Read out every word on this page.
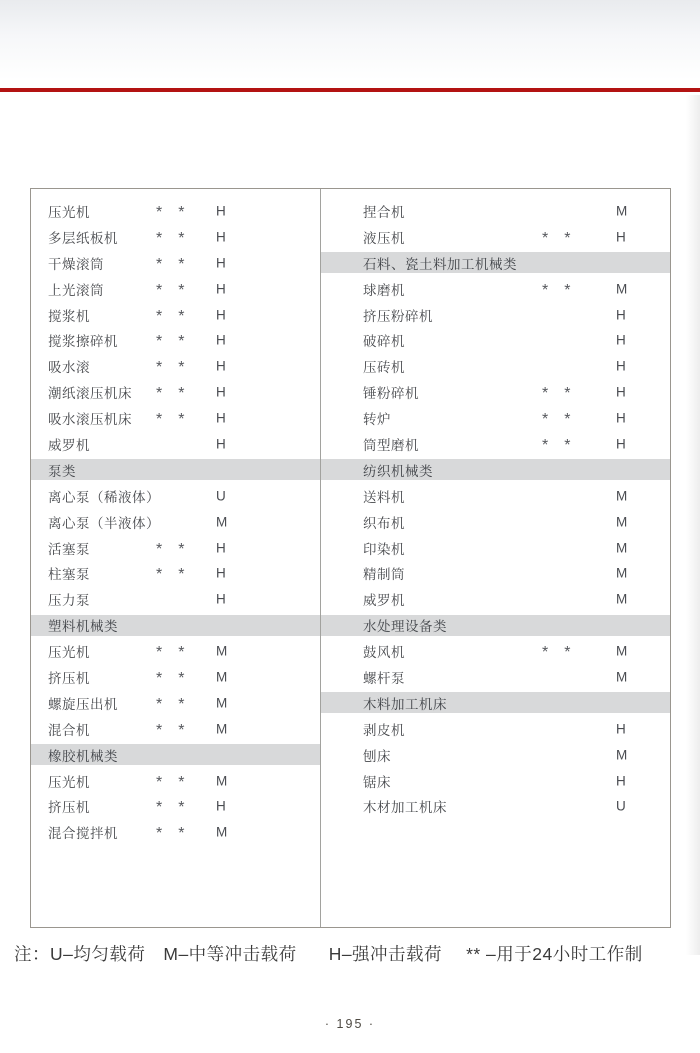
压光机	** H
多层纸板机 ** H
干燥滚筒	** H
上光滚筒	** H
搅浆机	** H
搅浆擦碎机 ** H
吸水滚	** H
潮纸滚压机床 ** H
吸水滚压机床 ** H
威罗机	H
泵类
离心泵（稀液体）	U
离心泵（半液体）	M
活塞泵	** H
柱塞泵	** H
压力泵	H
塑料机械类
压光机	** M
挤压机	** M
螺旋压出机 ** M
混合机	** M
橡胶机械类
压光机	** M
挤压机	** H
混合搅拌机 ** M
捏合机	M
液压机	** H
石料、瓷土料加工机械类
球磨机	** M
挤压粉碎机	H
破碎机	H
压砖机	H
锤粉碎机	** H
转炉	** H
筒型磨机	** H
纺织机械类
送料机	M
织布机	M
印染机	M
精制筒	M
威罗机	M
水处理设备类
鼓风机	** M
螺杆泵	M
木料加工机床
剥皮机	H
刨床	M
锯床	H
木材加工机床	U
注：U–均匀载荷 M–中等冲击载荷 H–强冲击载荷 ** –用于24小时工作制
· 195 ·
